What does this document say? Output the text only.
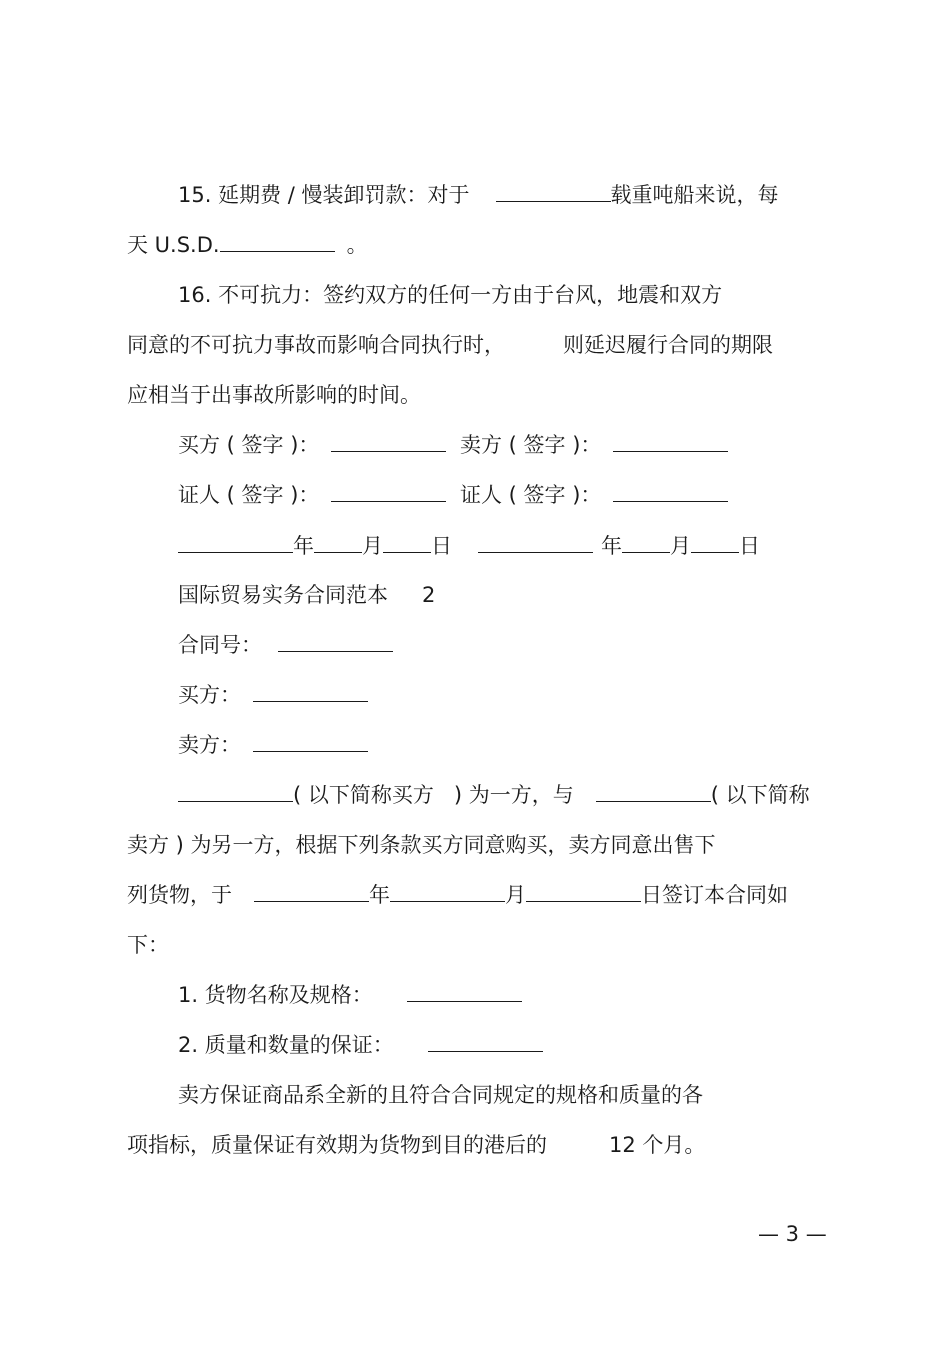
15. 延期费 / 慢装卸罚款：对于	载重吨船来说，每
天 U.S.D.	。
16. 不可抗力：签约双方的任何一方由于台风，地震和双方
同意的不可抗力事故而影响合同执行时，	则延迟履行合同的期限
应相当于出事故所影响的时间。
买方 ( 签字 )：	卖方 ( 签字 )：
证人 ( 签字 )：	证人 ( 签字 )：
年 月 日	年 月 日
国际贸易实务合同范本 2
合同号：
买方：
卖方：
( 以下简称买方 ) 为一方，与	( 以下简称
卖方 ) 为另一方，根据下列条款买方同意购买，卖方同意出售下
列货物，于	年	月	日签订本合同如
下：
1. 货物名称及规格：
2. 质量和数量的保证：
卖方保证商品系全新的且符合合同规定的规格和质量的各
项指标，质量保证有效期为货物到目的港后的	12 个月。
— 3 —
